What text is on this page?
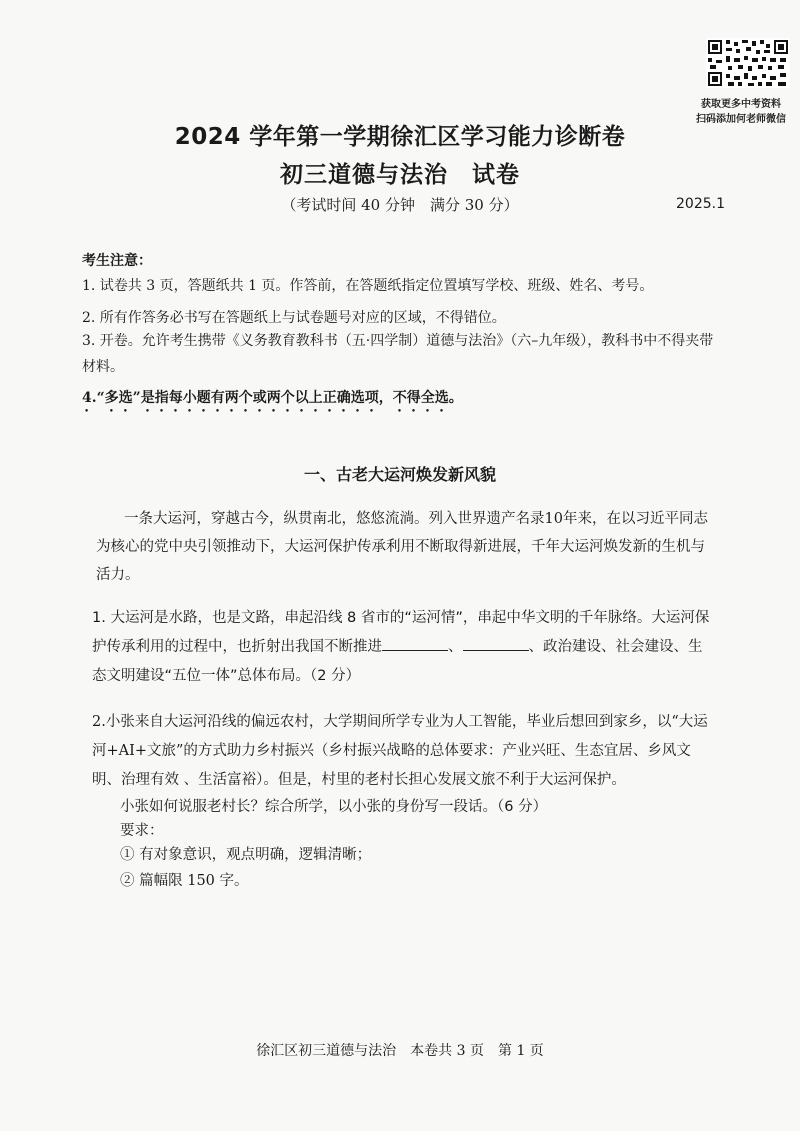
获取更多中考资料
扫码添加何老师微信
2024 学年第一学期徐汇区学习能力诊断卷
初三道德与法治　试卷
（考试时间 40 分钟　满分 30 分）	2025.1
考生注意：
1. 试卷共 3 页，答题纸共 1 页。作答前，在答题纸指定位置填写学校、班级、姓名、考号。
2. 所有作答务必书写在答题纸上与试卷题号对应的区域，不得错位。
3. 开卷。允许考生携带《义务教育教科书（五·四学制）道德与法治》（六–九年级），教科书中不得夹带材料。
4.“多选”是指每小题有两个或两个以上正确选项，不得全选。
一、古老大运河焕发新风貌
一条大运河，穿越古今，纵贯南北，悠悠流淌。列入世界遗产名录10年来，在以习近平同志为核心的党中央引领推动下，大运河保护传承利用不断取得新进展，千年大运河焕发新的生机与活力。
1. 大运河是水路，也是文路，串起沿线 8 省市的“运河情”，串起中华文明的千年脉络。大运河保护传承利用的过程中，也折射出我国不断推进	、	、政治建设、社会建设、生态文明建设“五位一体”总体布局。（2 分）
2.小张来自大运河沿线的偏远农村，大学期间所学专业为人工智能，毕业后想回到家乡，以“大运河+AI+文旅”的方式助力乡村振兴（乡村振兴战略的总体要求：产业兴旺、生态宜居、乡风文明、治理有效 、生活富裕）。但是，村里的老村长担心发展文旅不利于大运河保护。
小张如何说服老村长？综合所学，以小张的身份写一段话。（6 分）
要求：
① 有对象意识，观点明确，逻辑清晰；
② 篇幅限 150 字。
徐汇区初三道德与法治　本卷共 3 页　第 1 页
